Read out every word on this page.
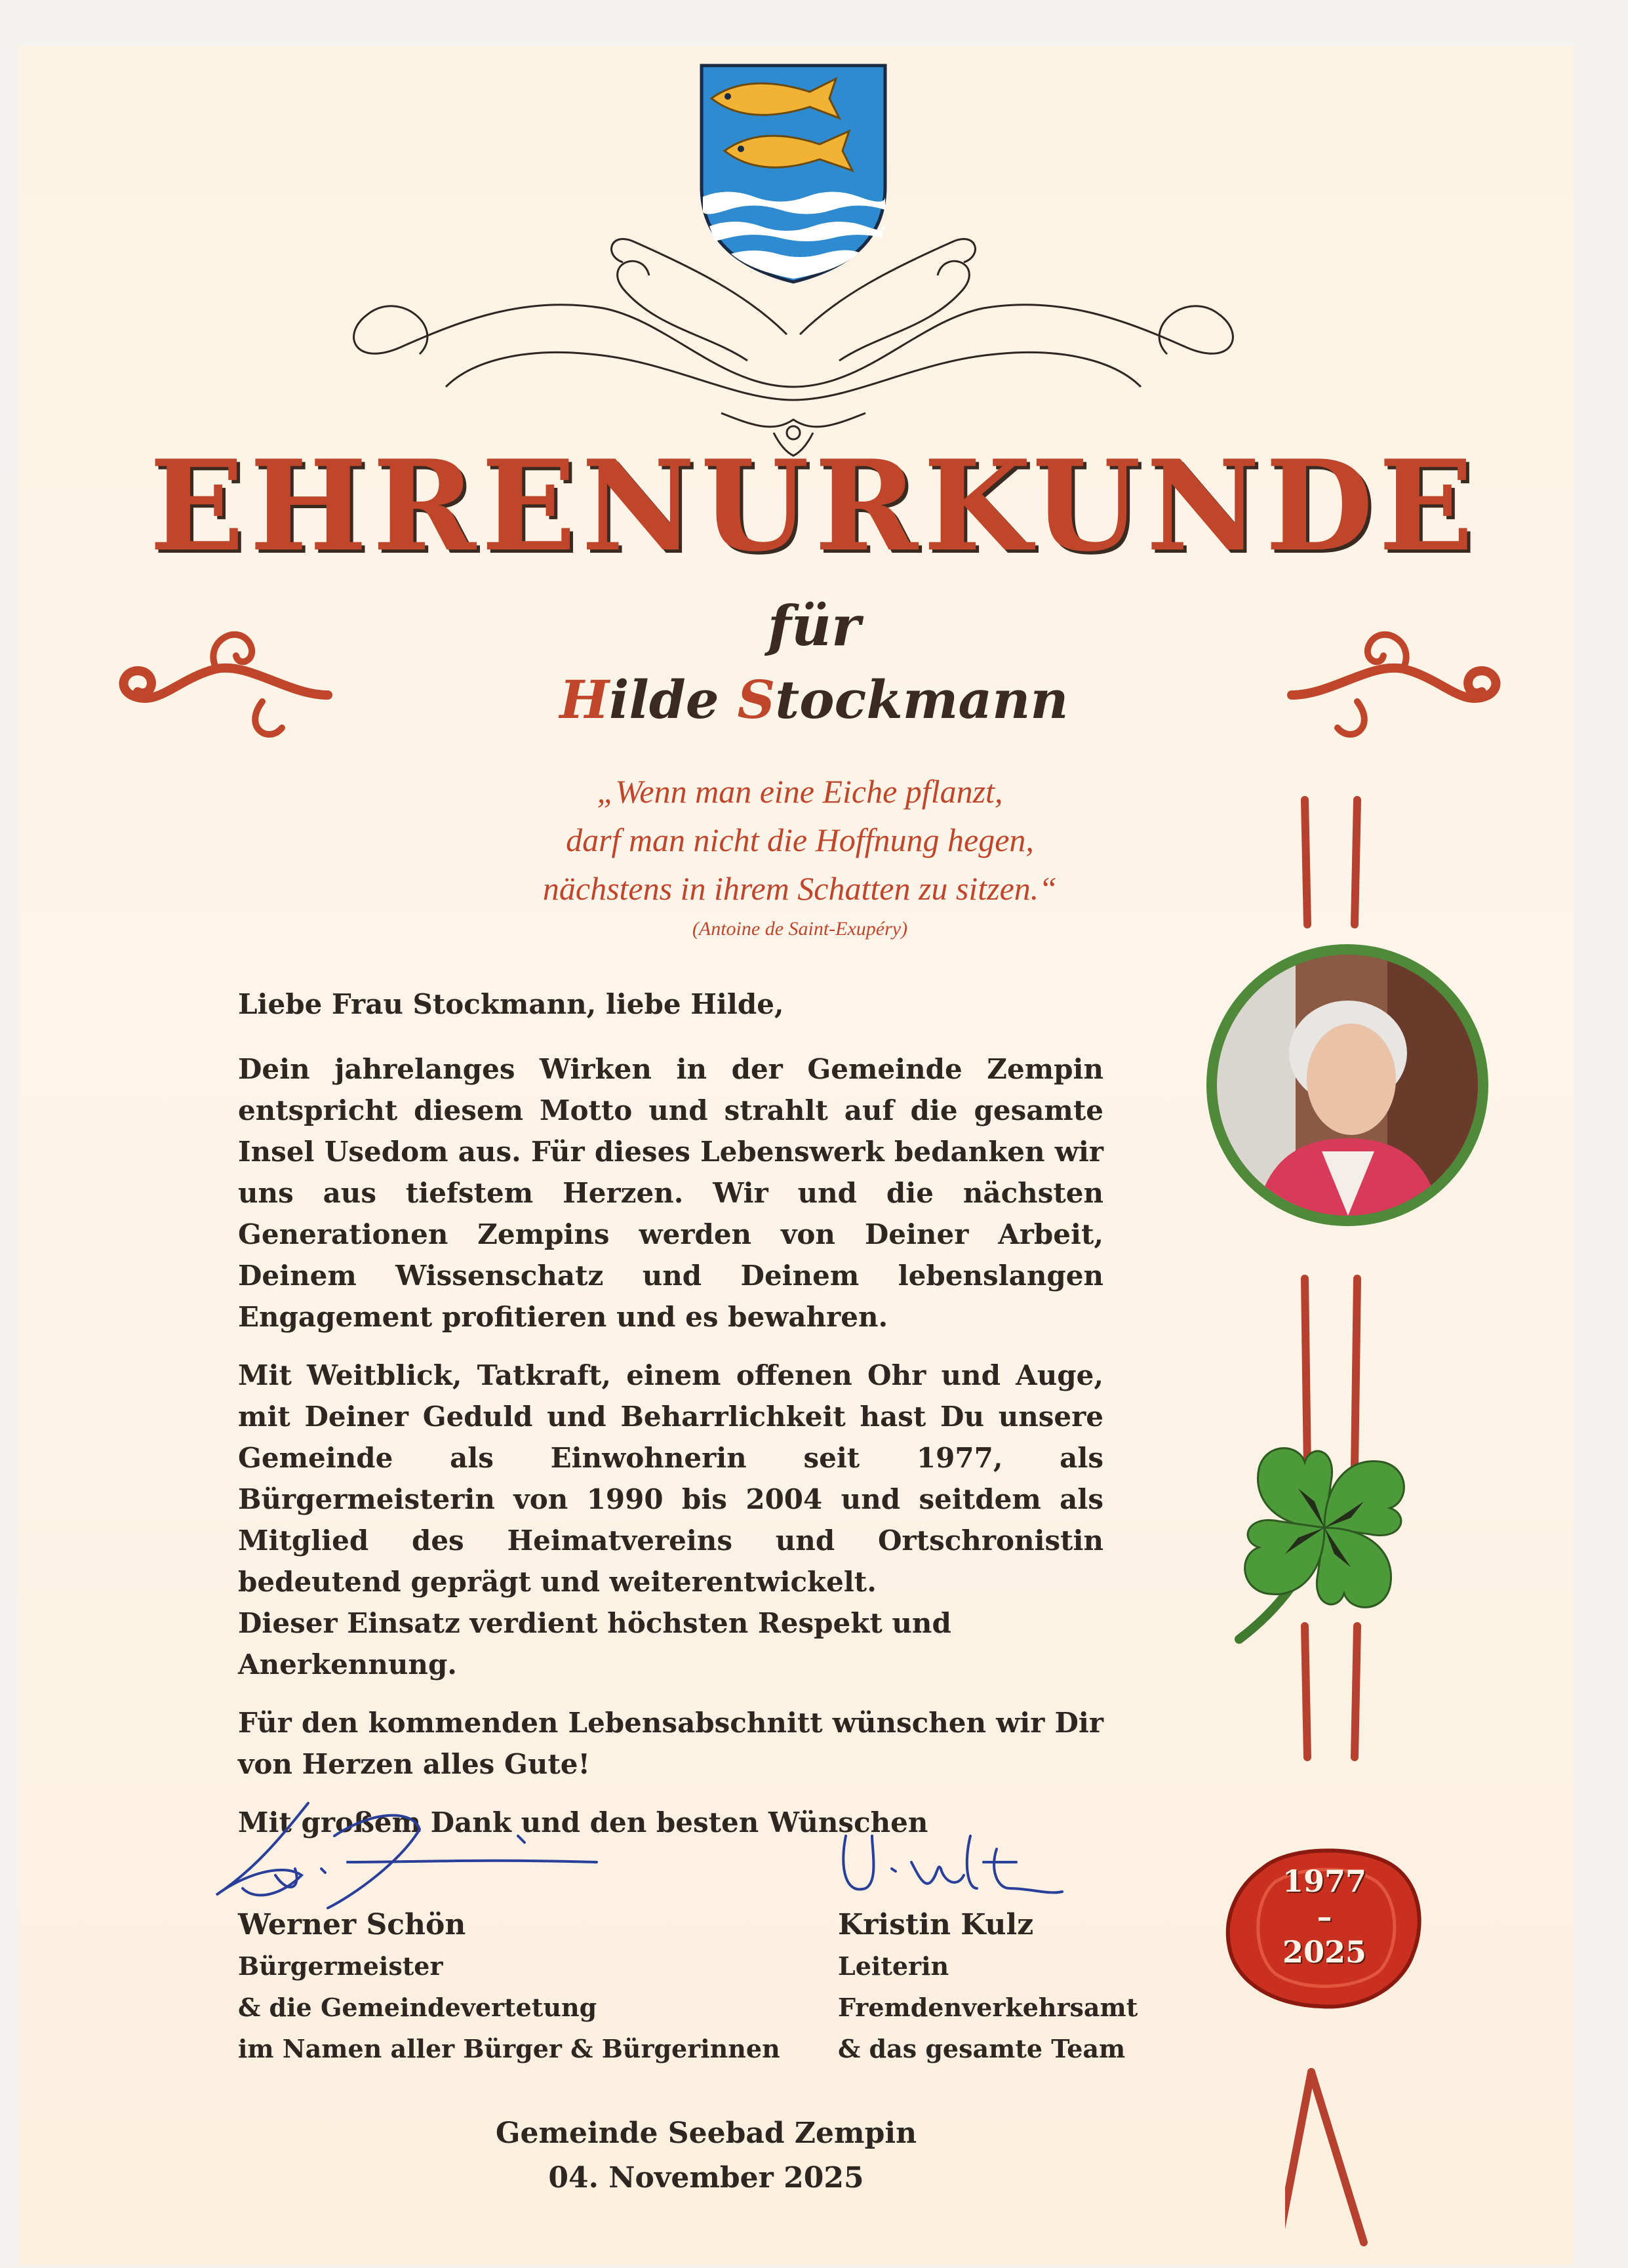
EHRENURKUNDE
für
Hilde Stockmann
„Wenn man eine Eiche pflanzt,
darf man nicht die Hoffnung hegen,
nächstens in ihrem Schatten zu sitzen.“
(Antoine de Saint-Exupéry)

Liebe Frau Stockmann, liebe Hilde,

Dein jahrelanges Wirken in der Gemeinde Zempin entspricht diesem Motto und strahlt auf die gesamte Insel Usedom aus. Für dieses Lebenswerk bedanken wir uns aus tiefstem Herzen. Wir und die nächsten Generationen Zempins werden von Deiner Arbeit, Deinem Wissenschatz und Deinem lebenslangen Engagement profitieren und es bewahren.

Mit Weitblick, Tatkraft, einem offenen Ohr und Auge, mit Deiner Geduld und Beharrlichkeit hast Du unsere Gemeinde als Einwohnerin seit 1977, als Bürgermeisterin von 1990 bis 2004 und seitdem als Mitglied des Heimatvereins und Ortschronistin bedeutend geprägt und weiterentwickelt.

Dieser Einsatz verdient höchsten Respekt und Anerkennung.

Für den kommenden Lebensabschnitt wünschen wir Dir von Herzen alles Gute!

Mit großem Dank und den besten Wünschen

Werner Schön
Bürgermeister
& die Gemeindevertetung
im Namen aller Bürger & Bürgerinnen
Kristin Kulz
Leiterin
Fremdenverkehrsamt
& das gesamte Team
1977
–
2025
Gemeinde Seebad Zempin
04. November 2025
